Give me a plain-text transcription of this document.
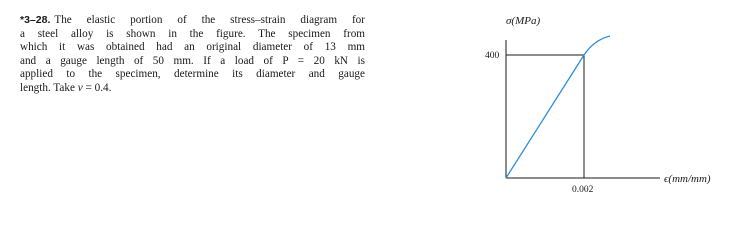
*3–28. The elastic portion of the stress–strain diagram for
a steel alloy is shown in the figure. The specimen from
which it was obtained had an original diameter of 13 mm
and a gauge length of 50 mm. If a load of P = 20 kN is
applied to the specimen, determine its diameter and gauge
length. Take ν = 0.4.
σ(MPa)
400
0.002
ϵ(mm/mm)
